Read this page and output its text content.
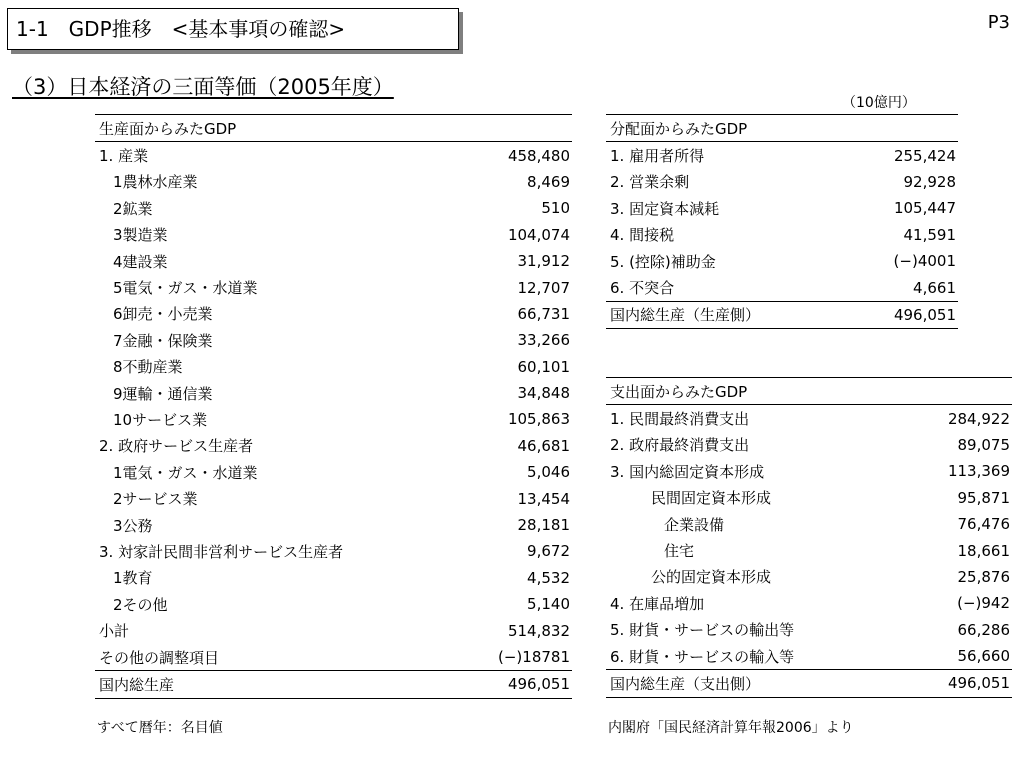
1-1　GDP推移　<基本事項の確認>	P3
（3）日本経済の三面等価（2005年度）
（10億円）
生産面からみたGDP	
1. 産業	458,480
1農林水産業	8,469
2鉱業	510
3製造業	104,074
4建設業	31,912
5電気・ガス・水道業	12,707
6卸売・小売業	66,731
7金融・保険業	33,266
8不動産業	60,101
9運輸・通信業	34,848
10サービス業	105,863
2. 政府サービス生産者	46,681
1電気・ガス・水道業	5,046
2サービス業	13,454
3公務	28,181
3. 対家計民間非営利サービス生産者	9,672
1教育	4,532
2その他	5,140
小計	514,832
その他の調整項目	(−)18781
国内総生産	496,051
分配面からみたGDP	
1. 雇用者所得	255,424
2. 営業余剰	92,928
3. 固定資本減耗	105,447
4. 間接税	41,591
5. (控除)補助金	(−)4001
6. 不突合	4,661
国内総生産（生産側）	496,051
支出面からみたGDP	
1. 民間最終消費支出	284,922
2. 政府最終消費支出	89,075
3. 国内総固定資本形成	113,369
民間固定資本形成	95,871
企業設備	76,476
住宅	18,661
公的固定資本形成	25,876
4. 在庫品増加	(−)942
5. 財貨・サービスの輸出等	66,286
6. 財貨・サービスの輸入等	56,660
国内総生産（支出側）	496,051
すべて暦年：名目値	内閣府「国民経済計算年報2006」より
